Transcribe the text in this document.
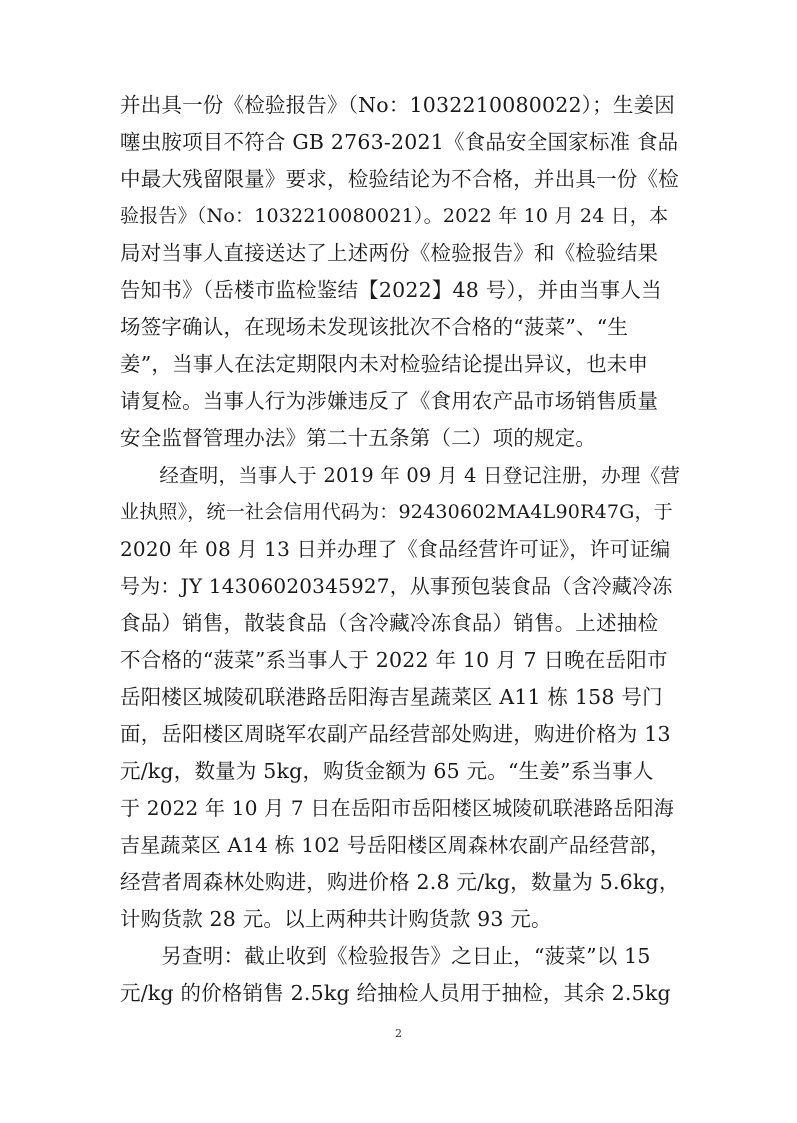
并出具一份《检验报告》（No：1032210080022）；生姜因
噻虫胺项目不符合 GB 2763-2021《食品安全国家标准 食品
中最大残留限量》要求，检验结论为不合格，并出具一份《检
验报告》（No：1032210080021）。2022 年 10 月 24 日，本
局对当事人直接送达了上述两份《检验报告》和《检验结果
告知书》（岳楼市监检鉴结【2022】48 号），并由当事人当
场签字确认，在现场未发现该批次不合格的“菠菜”、“生
姜”，当事人在法定期限内未对检验结论提出异议，也未申
请复检。当事人行为涉嫌违反了《食用农产品市场销售质量
安全监督管理办法》第二十五条第（二）项的规定。
　　经查明，当事人于 2019 年 09 月 4 日登记注册，办理《营
业执照》，统一社会信用代码为：92430602MA4L90R47G，于
2020 年 08 月 13 日并办理了《食品经营许可证》，许可证编
号为：JY 14306020345927，从事预包装食品（含冷藏冷冻
食品）销售，散装食品（含冷藏冷冻食品）销售。上述抽检
不合格的“菠菜”系当事人于 2022 年 10 月 7 日晚在岳阳市
岳阳楼区城陵矶联港路岳阳海吉星蔬菜区 A11 栋 158 号门
面，岳阳楼区周晓军农副产品经营部处购进，购进价格为 13
元/kg，数量为 5kg，购货金额为 65 元。“生姜”系当事人
于 2022 年 10 月 7 日在岳阳市岳阳楼区城陵矶联港路岳阳海
吉星蔬菜区 A14 栋 102 号岳阳楼区周森林农副产品经营部，
经营者周森林处购进，购进价格 2.8 元/kg，数量为 5.6kg，
计购货款 28 元。以上两种共计购货款 93 元。
　　另查明：截止收到《检验报告》之日止，“菠菜”以 15
元/kg 的价格销售 2.5kg 给抽检人员用于抽检，其余 2.5kg
2
